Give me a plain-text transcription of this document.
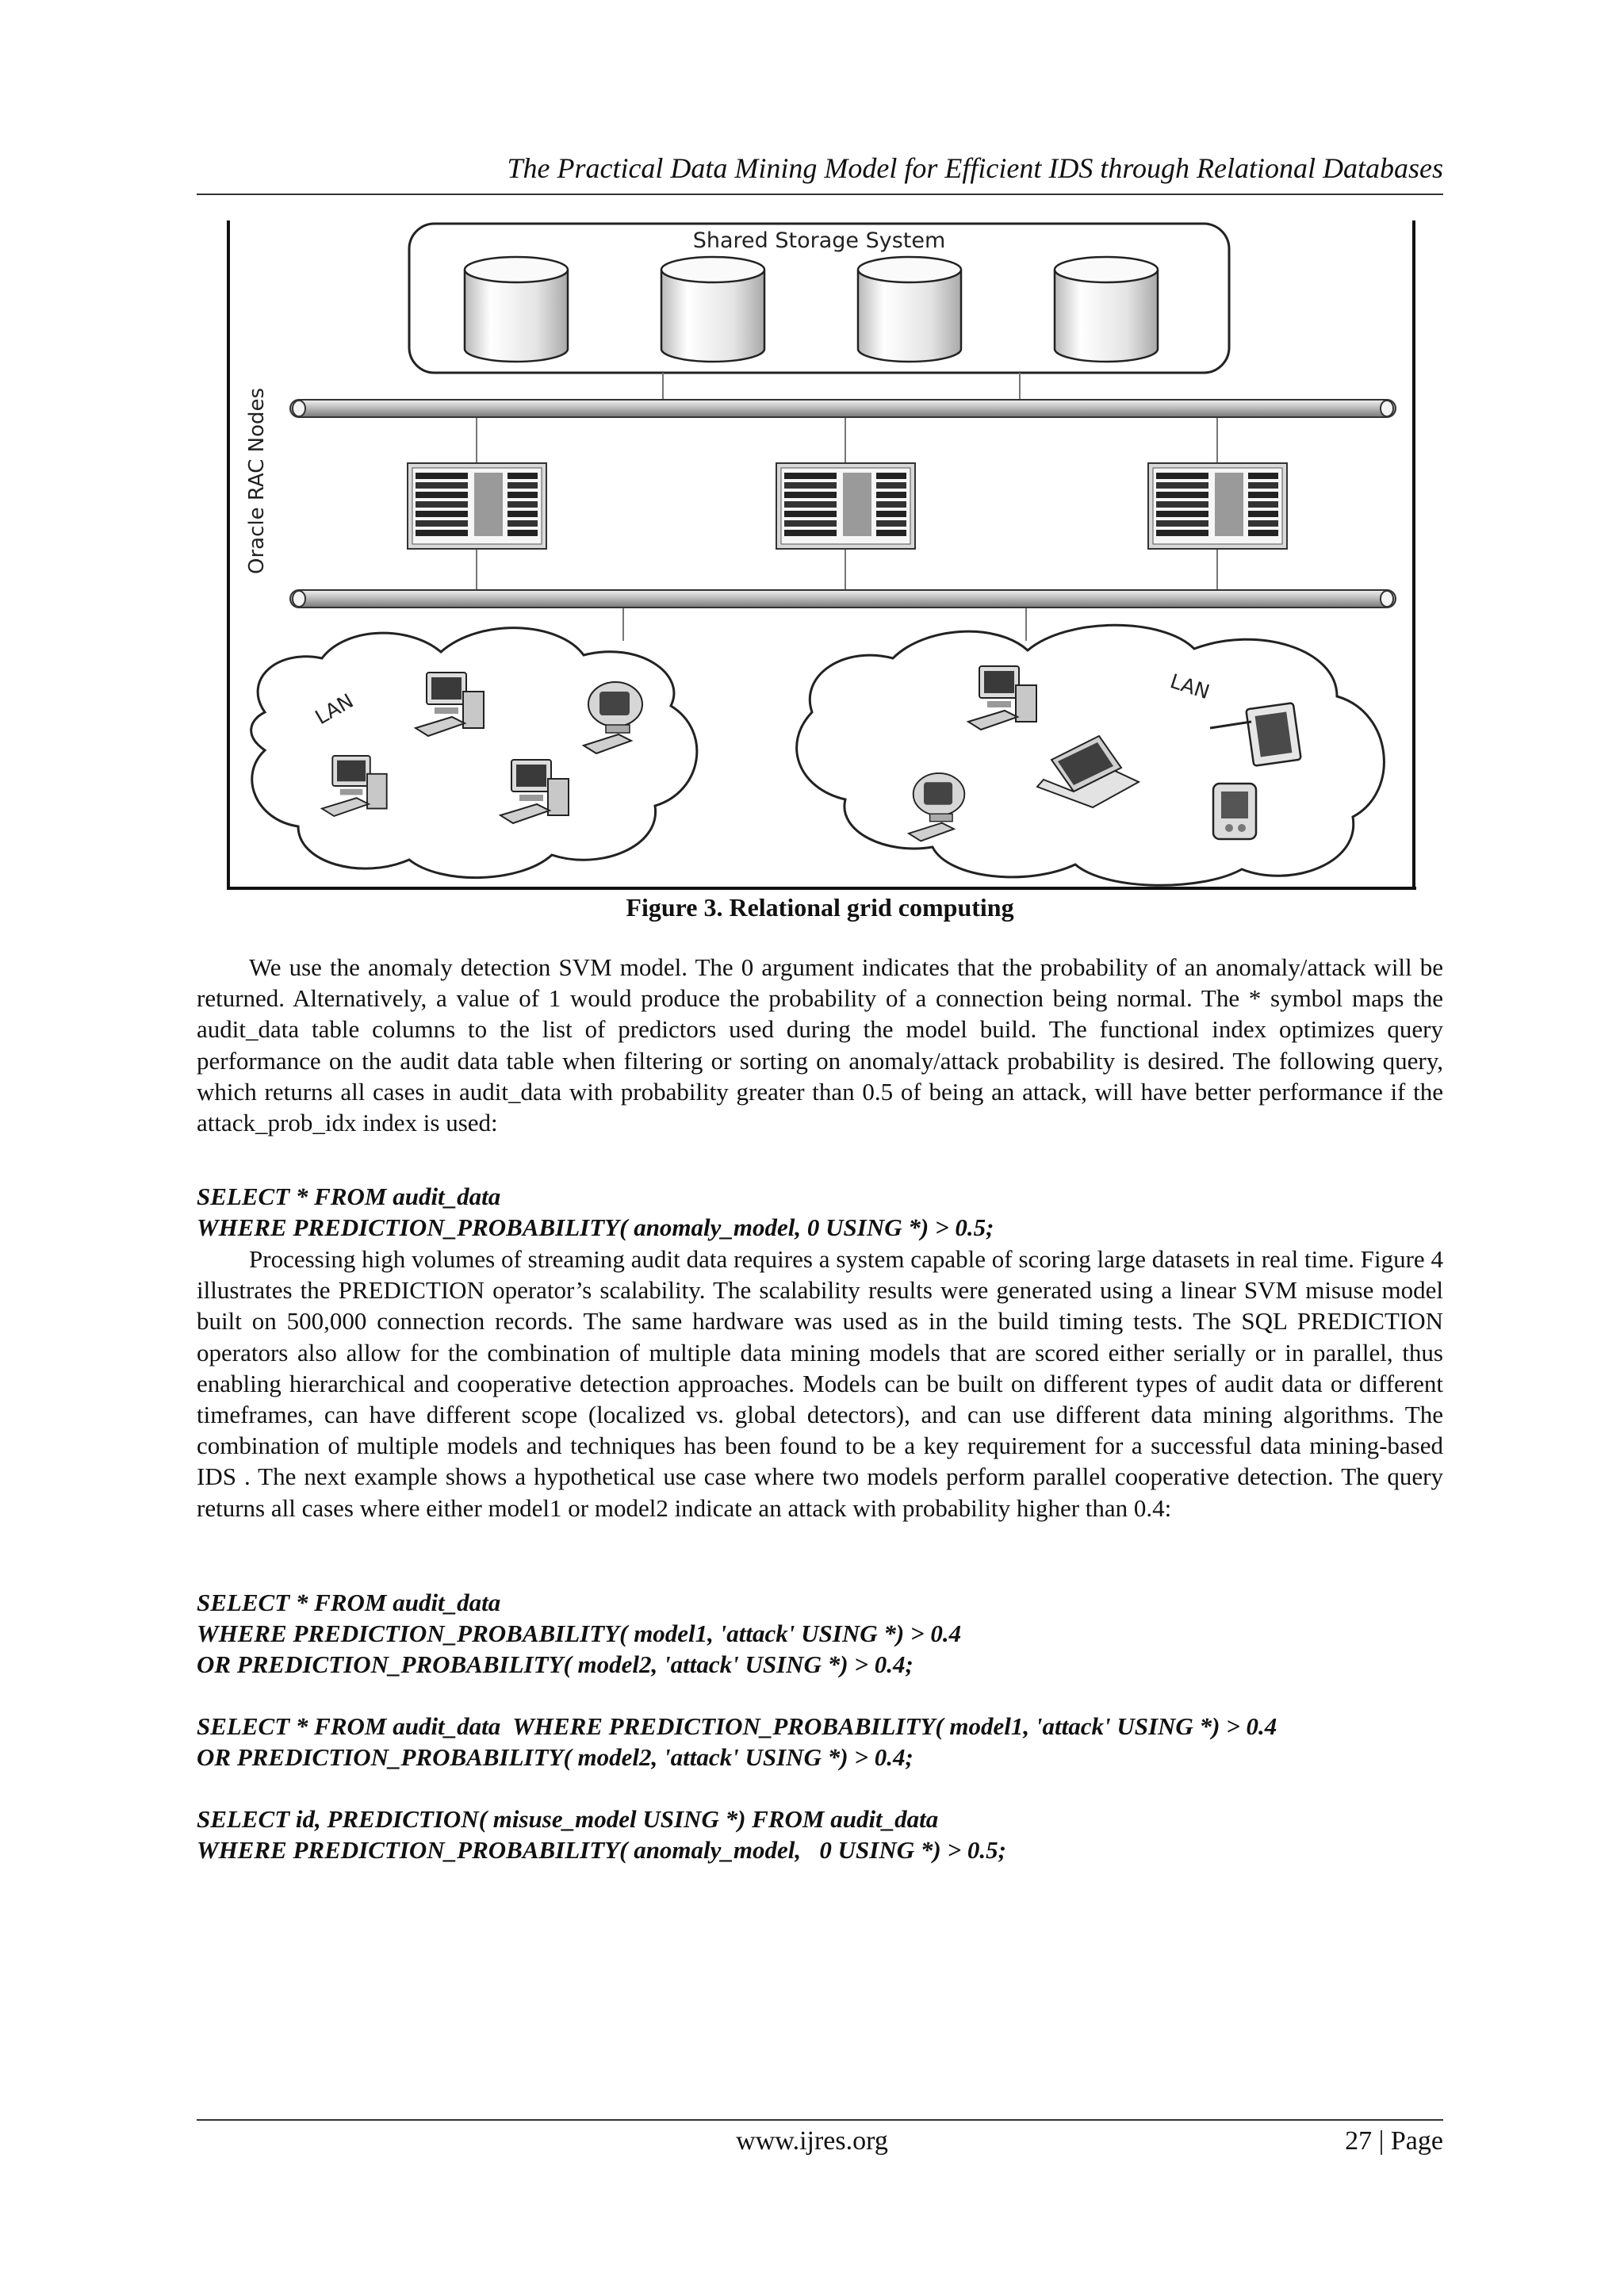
The Practical Data Mining Model for Efficient IDS through Relational Databases
Shared Storage System
Oracle RAC Nodes
LAN
LAN
Figure 3. Relational grid computing

We use the anomaly detection SVM model. The 0 argument indicates that the probability of an anomaly/attack will be returned. Alternatively, a value of 1 would produce the probability of a connection being normal. The * symbol maps the audit_data table columns to the list of predictors used during the model build. The functional index optimizes query performance on the audit data table when filtering or sorting on anomaly/attack probability is desired. The following query, which returns all cases in audit_data with probability greater than 0.5 of being an attack, will have better performance if the attack_prob_idx index is used:

SELECT * FROM audit_data
WHERE PREDICTION_PROBABILITY( anomaly_model, 0 USING *) > 0.5;

Processing high volumes of streaming audit data requires a system capable of scoring large datasets in real time. Figure 4 illustrates the PREDICTION operator’s scalability. The scalability results were generated using a linear SVM misuse model built on 500,000 connection records. The same hardware was used as in the build timing tests. The SQL PREDICTION operators also allow for the combination of multiple data mining models that are scored either serially or in parallel, thus enabling hierarchical and cooperative detection approaches. Models can be built on different types of audit data or different timeframes, can have different scope (localized vs. global detectors), and can use different data mining algorithms. The combination of multiple models and techniques has been found to be a key requirement for a successful data mining-based IDS . The next example shows a hypothetical use case where two models perform parallel cooperative detection. The query returns all cases where either model1 or model2 indicate an attack with probability higher than 0.4:

SELECT * FROM audit_data
WHERE PREDICTION_PROBABILITY( model1, 'attack' USING *) > 0.4
OR PREDICTION_PROBABILITY( model2, 'attack' USING *) > 0.4;
SELECT * FROM audit_data  WHERE PREDICTION_PROBABILITY( model1, 'attack' USING *) > 0.4
OR PREDICTION_PROBABILITY( model2, 'attack' USING *) > 0.4;
SELECT id, PREDICTION( misuse_model USING *) FROM audit_data
WHERE PREDICTION_PROBABILITY( anomaly_model,   0 USING *) > 0.5;
www.ijres.org	27 | Page
